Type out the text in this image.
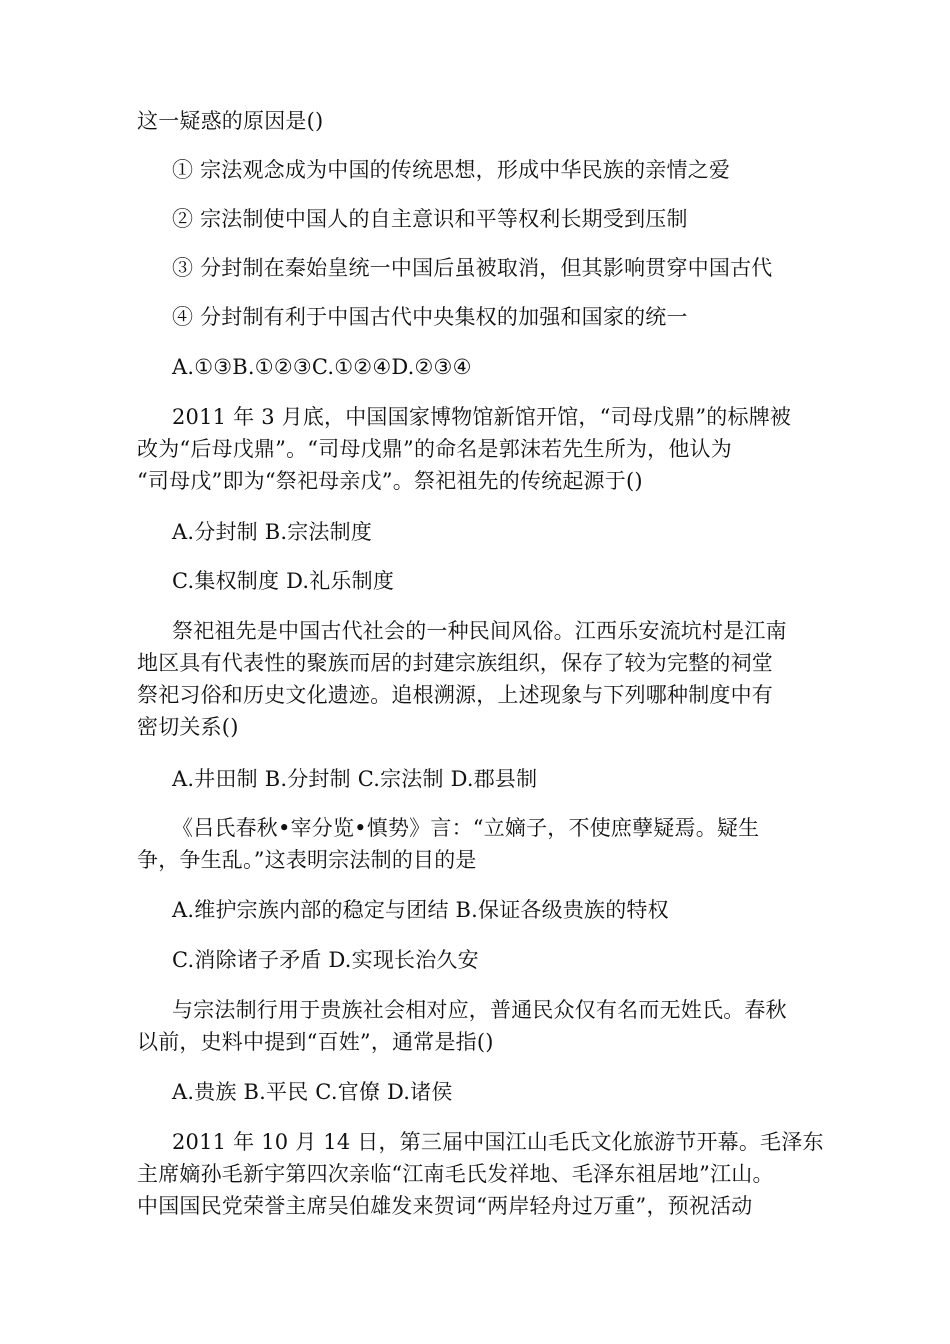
这一疑惑的原因是()
① 宗法观念成为中国的传统思想，形成中华民族的亲情之爱
② 宗法制使中国人的自主意识和平等权利长期受到压制
③ 分封制在秦始皇统一中国后虽被取消，但其影响贯穿中国古代
④ 分封制有利于中国古代中央集权的加强和国家的统一
A.①③B.①②③C.①②④D.②③④
2011 年 3 月底，中国国家博物馆新馆开馆，“司母戊鼎”的标牌被
改为“后母戊鼎”。“司母戊鼎”的命名是郭沫若先生所为，他认为
“司母戊”即为“祭祀母亲戊”。祭祀祖先的传统起源于()
A.分封制 B.宗法制度
C.集权制度 D.礼乐制度
祭祀祖先是中国古代社会的一种民间风俗。江西乐安流坑村是江南
地区具有代表性的聚族而居的封建宗族组织，保存了较为完整的祠堂
祭祀习俗和历史文化遗迹。追根溯源，上述现象与下列哪种制度中有
密切关系()
A.井田制 B.分封制 C.宗法制 D.郡县制
《吕氏春秋•宰分览•慎势》言：“立嫡子，不使庶孽疑焉。疑生
争，争生乱。”这表明宗法制的目的是
A.维护宗族内部的稳定与团结 B.保证各级贵族的特权
C.消除诸子矛盾 D.实现长治久安
与宗法制行用于贵族社会相对应，普通民众仅有名而无姓氏。春秋
以前，史料中提到“百姓”，通常是指()
A.贵族 B.平民 C.官僚 D.诸侯
2011 年 10 月 14 日，第三届中国江山毛氏文化旅游节开幕。毛泽东
主席嫡孙毛新宇第四次亲临“江南毛氏发祥地、毛泽东祖居地”江山。
中国国民党荣誉主席吴伯雄发来贺词“两岸轻舟过万重”，预祝活动
